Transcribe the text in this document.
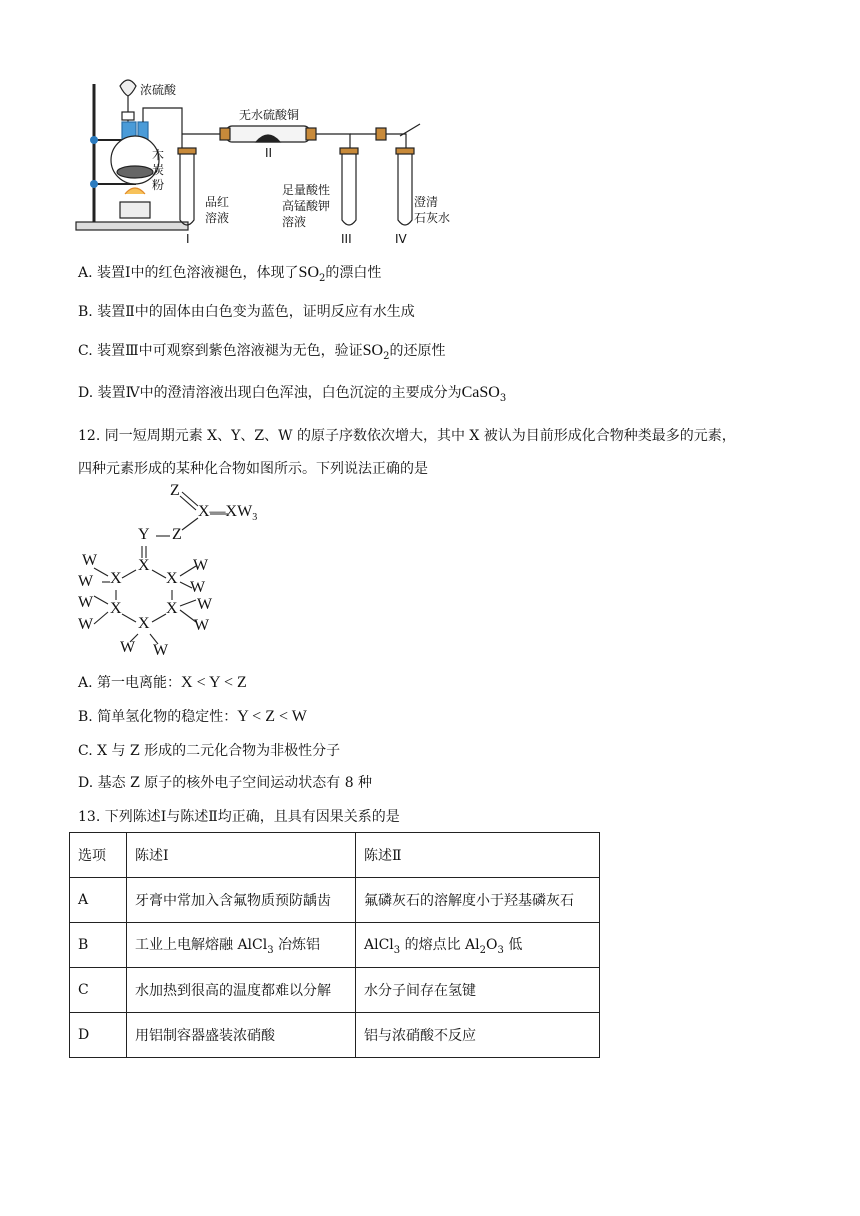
浓硫酸
无水硫酸铜
II
木
炭
粉
品红
溶液
I
足量酸性
高锰酸钾
溶液
III
澄清
石灰水
IV
A. 装置Ⅰ中的红色溶液褪色，体现了$SO_2$的漂白性
B. 装置Ⅱ中的固体由白色变为蓝色，证明反应有水生成
C. 装置Ⅲ中可观察到紫色溶液褪为无色，验证$SO_2$的还原性
D. 装置Ⅳ中的澄清溶液出现白色浑浊，白色沉淀的主要成分为CaSO$_3$
12. 同一短周期元素 X、Y、Z、W 的原子序数依次增大，其中 X 被认为目前形成化合物种类最多的元素，
四种元素形成的某种化合物如图所示。下列说法正确的是
Z
$X—XW_3$
Y Z
X
X	X
X	X
X
W
W
W
W
W
W
W
W
W W
A. 第一电离能：X < Y < Z
B. 简单氢化物的稳定性：Y < Z < W
C. X 与 Z 形成的二元化合物为非极性分子
D. 基态 Z 原子的核外电子空间运动状态有 8 种
13. 下列陈述Ⅰ与陈述Ⅱ均正确，且具有因果关系的是
选项	陈述Ⅰ	陈述Ⅱ
A	牙膏中常加入含氟物质预防龋齿	氟磷灰石的溶解度小于羟基磷灰石
B	工业上电解熔融 AlCl$_3$ 冶炼铝	AlCl$_3$ 的熔点比 $Al_2O_3$ 低
C	水加热到很高的温度都难以分解	水分子间存在氢键
D	用铝制容器盛装浓硝酸	铝与浓硝酸不反应
